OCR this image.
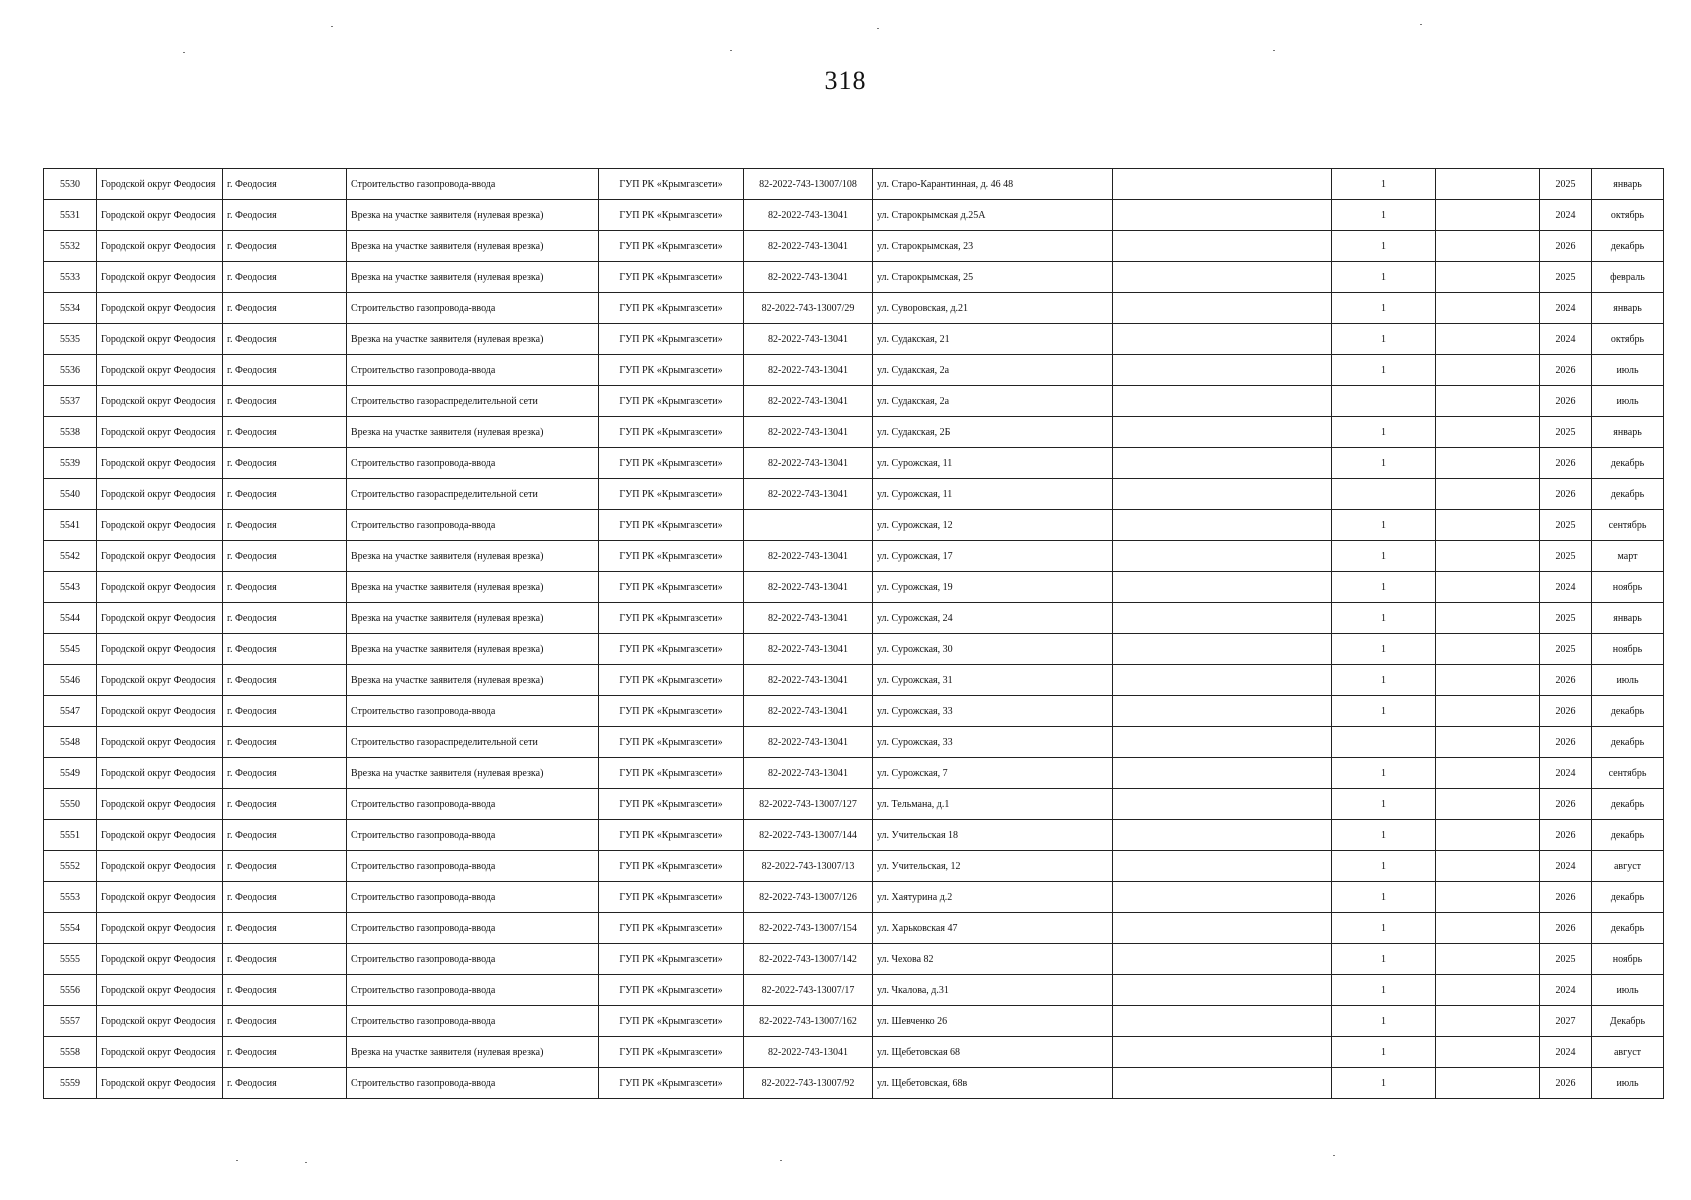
318
5530	Городской округ Феодосия	г. Феодосия	Строительство газопровода-ввода	ГУП РК «Крымгазсети»	82-2022-743-13007/108	ул. Старо-Карантинная, д. 46 48		1		2025	январь
5531	Городской округ Феодосия	г. Феодосия	Врезка на участке заявителя (нулевая врезка)	ГУП РК «Крымгазсети»	82-2022-743-13041	ул. Старокрымская д.25А		1		2024	октябрь
5532	Городской округ Феодосия	г. Феодосия	Врезка на участке заявителя (нулевая врезка)	ГУП РК «Крымгазсети»	82-2022-743-13041	ул. Старокрымская, 23		1		2026	декабрь
5533	Городской округ Феодосия	г. Феодосия	Врезка на участке заявителя (нулевая врезка)	ГУП РК «Крымгазсети»	82-2022-743-13041	ул. Старокрымская, 25		1		2025	февраль
5534	Городской округ Феодосия	г. Феодосия	Строительство газопровода-ввода	ГУП РК «Крымгазсети»	82-2022-743-13007/29	ул. Суворовская, д.21		1		2024	январь
5535	Городской округ Феодосия	г. Феодосия	Врезка на участке заявителя (нулевая врезка)	ГУП РК «Крымгазсети»	82-2022-743-13041	ул. Судакская, 21		1		2024	октябрь
5536	Городской округ Феодосия	г. Феодосия	Строительство газопровода-ввода	ГУП РК «Крымгазсети»	82-2022-743-13041	ул. Судакская, 2а		1		2026	июль
5537	Городской округ Феодосия	г. Феодосия	Строительство газораспределительной сети	ГУП РК «Крымгазсети»	82-2022-743-13041	ул. Судакская, 2а				2026	июль
5538	Городской округ Феодосия	г. Феодосия	Врезка на участке заявителя (нулевая врезка)	ГУП РК «Крымгазсети»	82-2022-743-13041	ул. Судакская, 2Б		1		2025	январь
5539	Городской округ Феодосия	г. Феодосия	Строительство газопровода-ввода	ГУП РК «Крымгазсети»	82-2022-743-13041	ул. Сурожская, 11		1		2026	декабрь
5540	Городской округ Феодосия	г. Феодосия	Строительство газораспределительной сети	ГУП РК «Крымгазсети»	82-2022-743-13041	ул. Сурожская, 11				2026	декабрь
5541	Городской округ Феодосия	г. Феодосия	Строительство газопровода-ввода	ГУП РК «Крымгазсети»		ул. Сурожская, 12		1		2025	сентябрь
5542	Городской округ Феодосия	г. Феодосия	Врезка на участке заявителя (нулевая врезка)	ГУП РК «Крымгазсети»	82-2022-743-13041	ул. Сурожская, 17		1		2025	март
5543	Городской округ Феодосия	г. Феодосия	Врезка на участке заявителя (нулевая врезка)	ГУП РК «Крымгазсети»	82-2022-743-13041	ул. Сурожская, 19		1		2024	ноябрь
5544	Городской округ Феодосия	г. Феодосия	Врезка на участке заявителя (нулевая врезка)	ГУП РК «Крымгазсети»	82-2022-743-13041	ул. Сурожская, 24		1		2025	январь
5545	Городской округ Феодосия	г. Феодосия	Врезка на участке заявителя (нулевая врезка)	ГУП РК «Крымгазсети»	82-2022-743-13041	ул. Сурожская, 30		1		2025	ноябрь
5546	Городской округ Феодосия	г. Феодосия	Врезка на участке заявителя (нулевая врезка)	ГУП РК «Крымгазсети»	82-2022-743-13041	ул. Сурожская, 31		1		2026	июль
5547	Городской округ Феодосия	г. Феодосия	Строительство газопровода-ввода	ГУП РК «Крымгазсети»	82-2022-743-13041	ул. Сурожская, 33		1		2026	декабрь
5548	Городской округ Феодосия	г. Феодосия	Строительство газораспределительной сети	ГУП РК «Крымгазсети»	82-2022-743-13041	ул. Сурожская, 33				2026	декабрь
5549	Городской округ Феодосия	г. Феодосия	Врезка на участке заявителя (нулевая врезка)	ГУП РК «Крымгазсети»	82-2022-743-13041	ул. Сурожская, 7		1		2024	сентябрь
5550	Городской округ Феодосия	г. Феодосия	Строительство газопровода-ввода	ГУП РК «Крымгазсети»	82-2022-743-13007/127	ул. Тельмана, д.1		1		2026	декабрь
5551	Городской округ Феодосия	г. Феодосия	Строительство газопровода-ввода	ГУП РК «Крымгазсети»	82-2022-743-13007/144	ул. Учительская 18		1		2026	декабрь
5552	Городской округ Феодосия	г. Феодосия	Строительство газопровода-ввода	ГУП РК «Крымгазсети»	82-2022-743-13007/13	ул. Учительская, 12		1		2024	август
5553	Городской округ Феодосия	г. Феодосия	Строительство газопровода-ввода	ГУП РК «Крымгазсети»	82-2022-743-13007/126	ул. Хаятурина д.2		1		2026	декабрь
5554	Городской округ Феодосия	г. Феодосия	Строительство газопровода-ввода	ГУП РК «Крымгазсети»	82-2022-743-13007/154	ул. Харьковская 47		1		2026	декабрь
5555	Городской округ Феодосия	г. Феодосия	Строительство газопровода-ввода	ГУП РК «Крымгазсети»	82-2022-743-13007/142	ул. Чехова 82		1		2025	ноябрь
5556	Городской округ Феодосия	г. Феодосия	Строительство газопровода-ввода	ГУП РК «Крымгазсети»	82-2022-743-13007/17	ул. Чкалова, д.31		1		2024	июль
5557	Городской округ Феодосия	г. Феодосия	Строительство газопровода-ввода	ГУП РК «Крымгазсети»	82-2022-743-13007/162	ул. Шевченко 26		1		2027	Декабрь
5558	Городской округ Феодосия	г. Феодосия	Врезка на участке заявителя (нулевая врезка)	ГУП РК «Крымгазсети»	82-2022-743-13041	ул. Щебетовская 68		1		2024	август
5559	Городской округ Феодосия	г. Феодосия	Строительство газопровода-ввода	ГУП РК «Крымгазсети»	82-2022-743-13007/92	ул. Щебетовская, 68в		1		2026	июль
